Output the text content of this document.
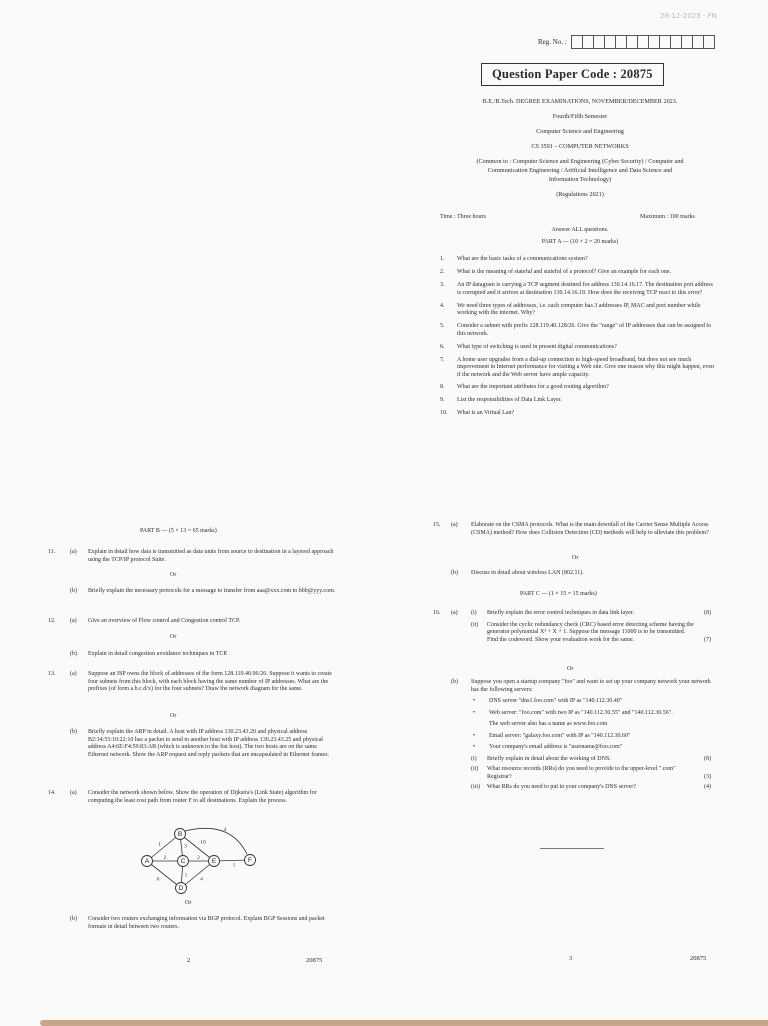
28-12-2023 - FN
Reg. No. :
Question Paper Code : 20875
B.E./B.Tech. DEGREE EXAMINATIONS, NOVEMBER/DECEMBER 2023.
Fourth/Fifth Semester
Computer Science and Engineering
CS 3591 – COMPUTER NETWORKS
(Common to : Computer Science and Engineering (Cyber Security) / Computer and
Communication Engineering / Artificial Intelligence and Data Science and
Information Technology)
(Regulations 2021)
Time : Three hours	Maximum : 100 marks
Answer ALL questions.
PART A — (10 × 2 = 20 marks)
1. What are the basic tasks of a communications system?
2. What is the meaning of stateful and stateful of a protocol? Give an example for each one.
3. An IP datagram is carrying a TCP segment destined for address 130.14.16.17. The destination port address is corrupted and it arrives at destination 130.14.16.19. How does the receiving TCP react to this error?
4. We need three types of addresses, i.e. each computer has 3 addresses IP, MAC and port number while working with the internet. Why?
5. Consider a subnet with prefix 128.119.40.128/26. Give the "range" of IP addresses that can be assigned to this network.
6. What type of switching is used in present digital communications?
7. A home user upgrades from a dial-up connection to high-speed broadband, but does not see much improvement in Internet performance for visiting a Web site. Give one reason why this might happen, even if the network and the Web server have ample capacity.
8. What are the important attributes for a good routing algorithm?
9. List the responsibilities of Data Link Layer.
10. What is an Virtual Lan?
PART B — (5 × 13 = 65 marks)
11. (a) Explain in detail how data is transmitted as data units from source to destination in a layered approach using the TCP/IP protocol Suite.
Or
(b) Briefly explain the necessary protocols for a message to transfer from aaa@xxx.com to bbb@yyy.com.
12. (a) Give an overview of Flow control and Congestion control TCP.
Or
(b) Explain in detail congestion avoidance techniques in TCP.
13. (a) Suppose an ISP owns the block of addresses of the form 128.119.40.96/26. Suppose it wants to create four subnets from this block, with each block having the same number of IP addresses. What are the prefixes (of form a.b.c.d/x) for the four subnets? Draw the network diagram for the same.
Or
(b) Briefly explain the ARP in detail. A host with IP address 130.23.43.20 and physical address B2:34:55:10:22:10 has a packet to send to another host with IP address 130.23.43.25 and physical address A4:6E:F4:59:83:AB (which is unknown to the fist host). The two hosts are on the same Ethernet network. Show the ARP request and reply packets that are encapsulated in Ethernet frames.
14. (a) Consider the network shown below. Show the operation of Dijkstra's (Link State) algorithm for computing the least cost path from router F to all destinations. Explain the process.
1
2
6
3
1
10
4
2
4
1
A
B
C
D
E	F
Or
(b) Consider two routers exchanging information via BGP protocol. Explain BGP Sessions and packet formats in detail between two routers.
2	20875
15. (a) Elaborate on the CSMA protocols. What is the main downfall of the Carrier Sense Multiple Access (CSMA) method? How does Collision Detection (CD) methods will help to alleviate this problem?
Or
(b) Discuss in detail about wireless LAN (802.11).
PART C — (1 × 15 = 15 marks)
16. (a) (i) Briefly explain the error control techniques in data link layer.	(8)
(ii) Consider the cyclic redundancy check (CRC) based error detecting scheme having the generator polynomial X³ + X + 1. Suppose the message 11000 is to be transmitted. Find the codeword. Show your evaluation work for the same.	(7)
Or
(b) Suppose you open a startup company "foo" and want to set up your company network your network has the following servers:
• DNS server "dns1.foo.com" with IP as "140.112.30.40"
• Web server: "foo.com" with two IP as "140.112.30.55" and "140.112.30.56".
The web server also has a name as www.foo.com
• Email server: "galaxy.foo.com" with IP as "140.112.30.60"
• Your company's email address is "username@foo.com"
(i) Briefly explain in detail about the working of DNS.	(8)
(ii) What resource records (RRs) do you need to provide to the upper-level ".com" Registrar?	(3)
(iii) What RRs do you need to put in your company's DNS server?	(4)
3	20875
